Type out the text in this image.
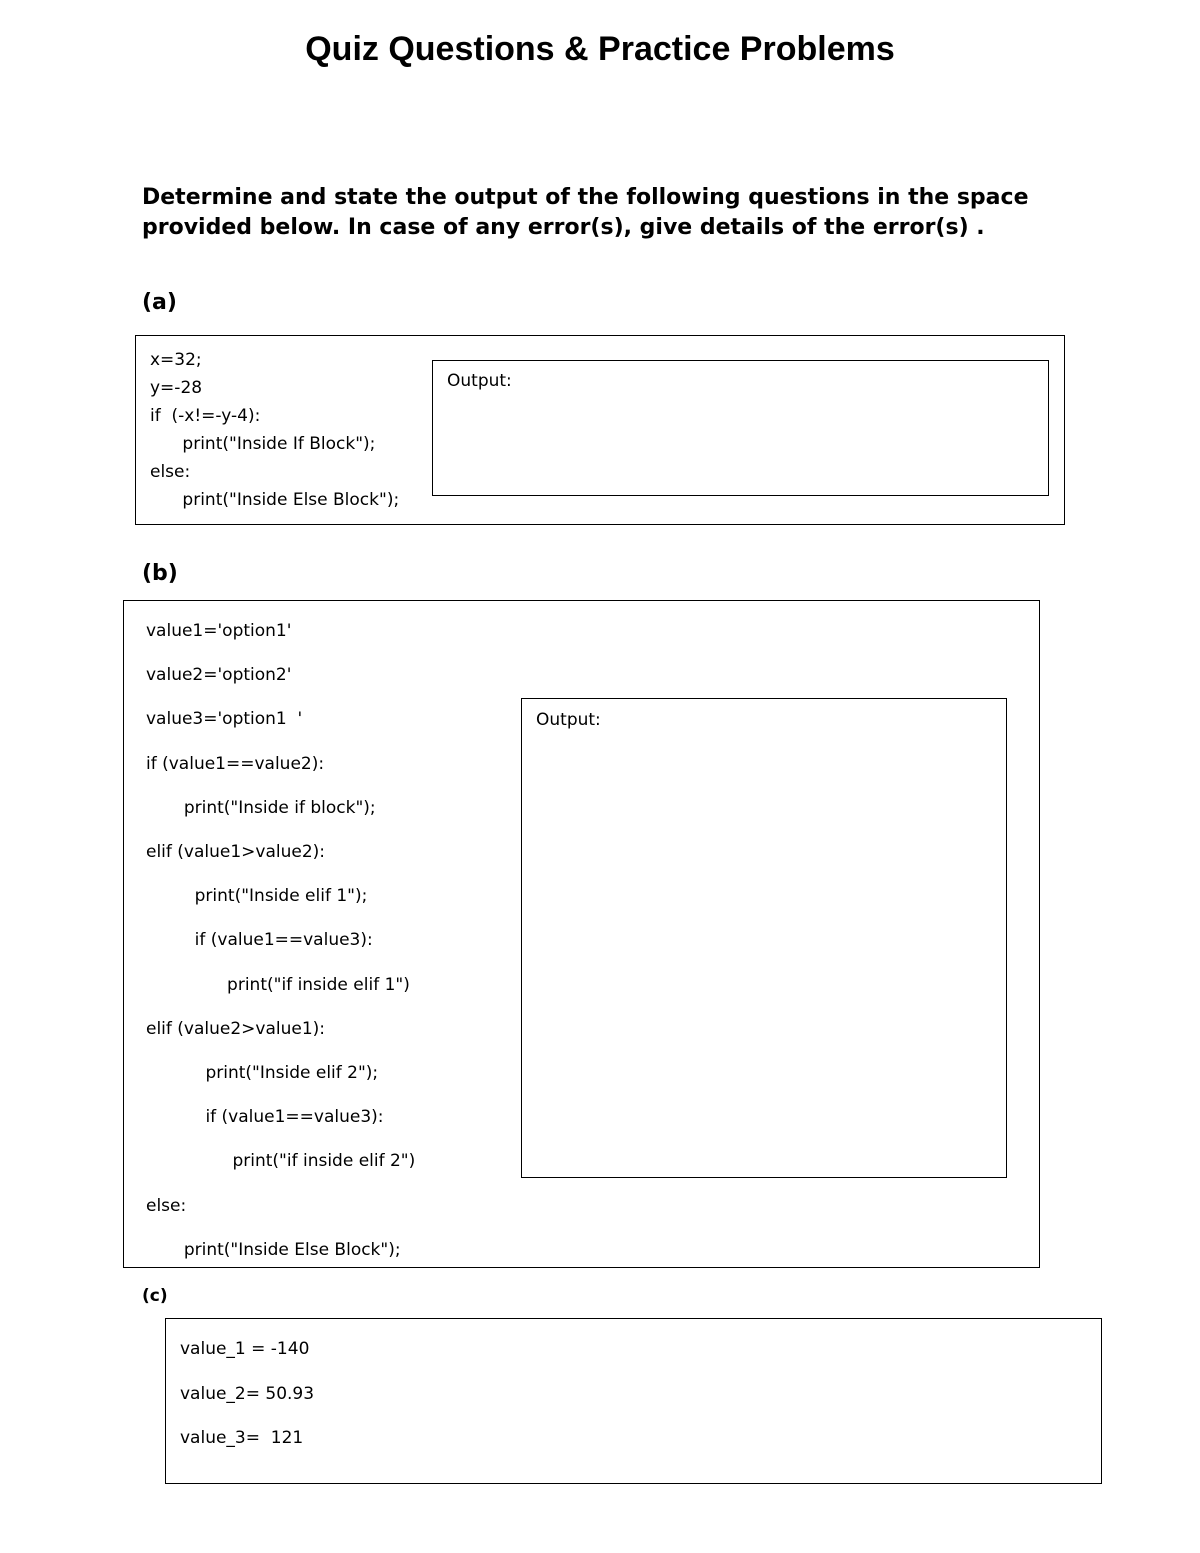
Quiz Questions & Practice Problems
Determine and state the output of the following questions in the space provided below. In case of any error(s), give details of the error(s) .
(a)
x=32;
y=-28
if  (-x!=-y-4):
print("Inside If Block");
else:
print("Inside Else Block");
Output:
(b)
value1='option1'
value2='option2'
value3='option1  '
if (value1==value2):
print("Inside if block");
elif (value1>value2):
print("Inside elif 1");
if (value1==value3):
print("if inside elif 1")
elif (value2>value1):
print("Inside elif 2");
if (value1==value3):
print("if inside elif 2")
else:
print("Inside Else Block");
Output:
(c)
value_1 = -140
value_2= 50.93
value_3=  121
